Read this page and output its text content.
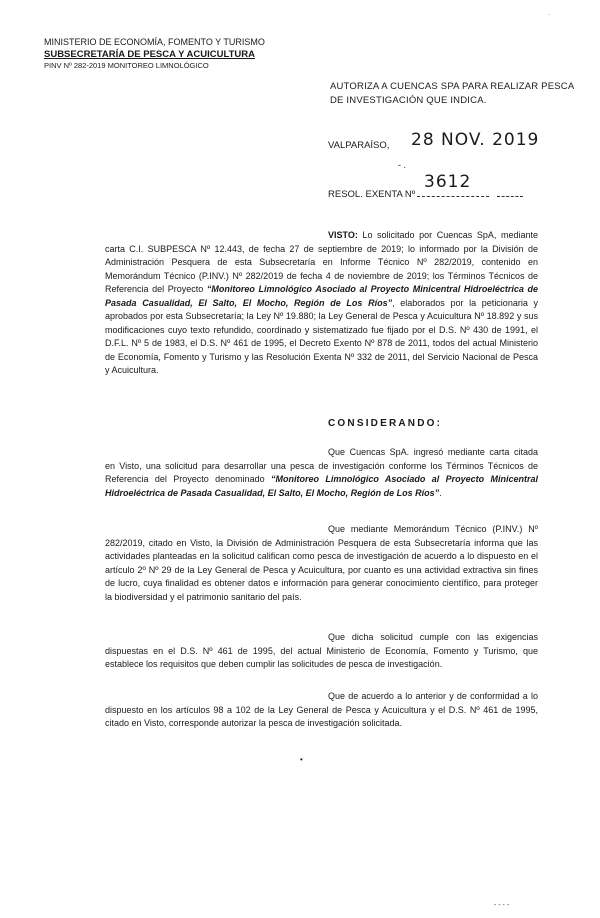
·
MINISTERIO DE ECONOMÍA, FOMENTO Y TURISMO
SUBSECRETARÍA DE PESCA Y ACUICULTURA
PINV Nº 282-2019 MONITOREO LIMNOLÓGICO
AUTORIZA A CUENCAS SPA PARA REALIZAR PESCA DE INVESTIGACIÓN QUE INDICA.
VALPARAÍSO, 28 NOV. 2019
- .
3612
RESOL. EXENTA Nº
VISTO: Lo solicitado por Cuencas SpA, mediante carta C.I. SUBPESCA Nº 12.443, de fecha 27 de septiembre de 2019; lo informado por la División de Administración Pesquera de esta Subsecretaría en Informe Técnico Nº 282/2019, contenido en Memorándum Técnico (P.INV.) Nº 282/2019 de fecha 4 de noviembre de 2019; los Términos Técnicos de Referencia del Proyecto “Monitoreo Limnológico Asociado al Proyecto Minicentral Hidroeléctrica de Pasada Casualidad, El Salto, El Mocho, Región de Los Ríos”, elaborados por la peticionaria y aprobados por esta Subsecretaría; la Ley Nº 19.880; la Ley General de Pesca y Acuicultura Nº 18.892 y sus modificaciones cuyo texto refundido, coordinado y sistematizado fue fijado por el D.S. Nº 430 de 1991, el D.F.L. Nº 5 de 1983, el D.S. Nº 461 de 1995, el Decreto Exento Nº 878 de 2011, todos del actual Ministerio de Economía, Fomento y Turismo y las Resolución Exenta Nº 332 de 2011, del Servicio Nacional de Pesca y Acuicultura.
CONSIDERANDO:
Que Cuencas SpA. ingresó mediante carta citada en Visto, una solicitud para desarrollar una pesca de investigación conforme los Términos Técnicos de Referencia del Proyecto denominado “Monitoreo Limnológico Asociado al Proyecto Minicentral Hidroeléctrica de Pasada Casualidad, El Salto, El Mocho, Región de Los Ríos”.
Que mediante Memorándum Técnico (P.INV.) Nº 282/2019, citado en Visto, la División de Administración Pesquera de esta Subsecretaría informa que las actividades planteadas en la solicitud califican como pesca de investigación de acuerdo a lo dispuesto en el artículo 2º Nº 29 de la Ley General de Pesca y Acuicultura, por cuanto es una actividad extractiva sin fines de lucro, cuya finalidad es obtener datos e información para generar conocimiento científico, para proteger la biodiversidad y el patrimonio sanitario del país.
Que dicha solicitud cumple con las exigencias dispuestas en el D.S. Nº 461 de 1995, del actual Ministerio de Economía, Fomento y Turismo, que establece los requisitos que deben cumplir las solicitudes de pesca de investigación.
Que de acuerdo a lo anterior y de conformidad a lo dispuesto en los artículos 98 a 102 de la Ley General de Pesca y Acuicultura y el D.S. Nº 461 de 1995, citado en Visto, corresponde autorizar la pesca de investigación solicitada.
•
- - - -
